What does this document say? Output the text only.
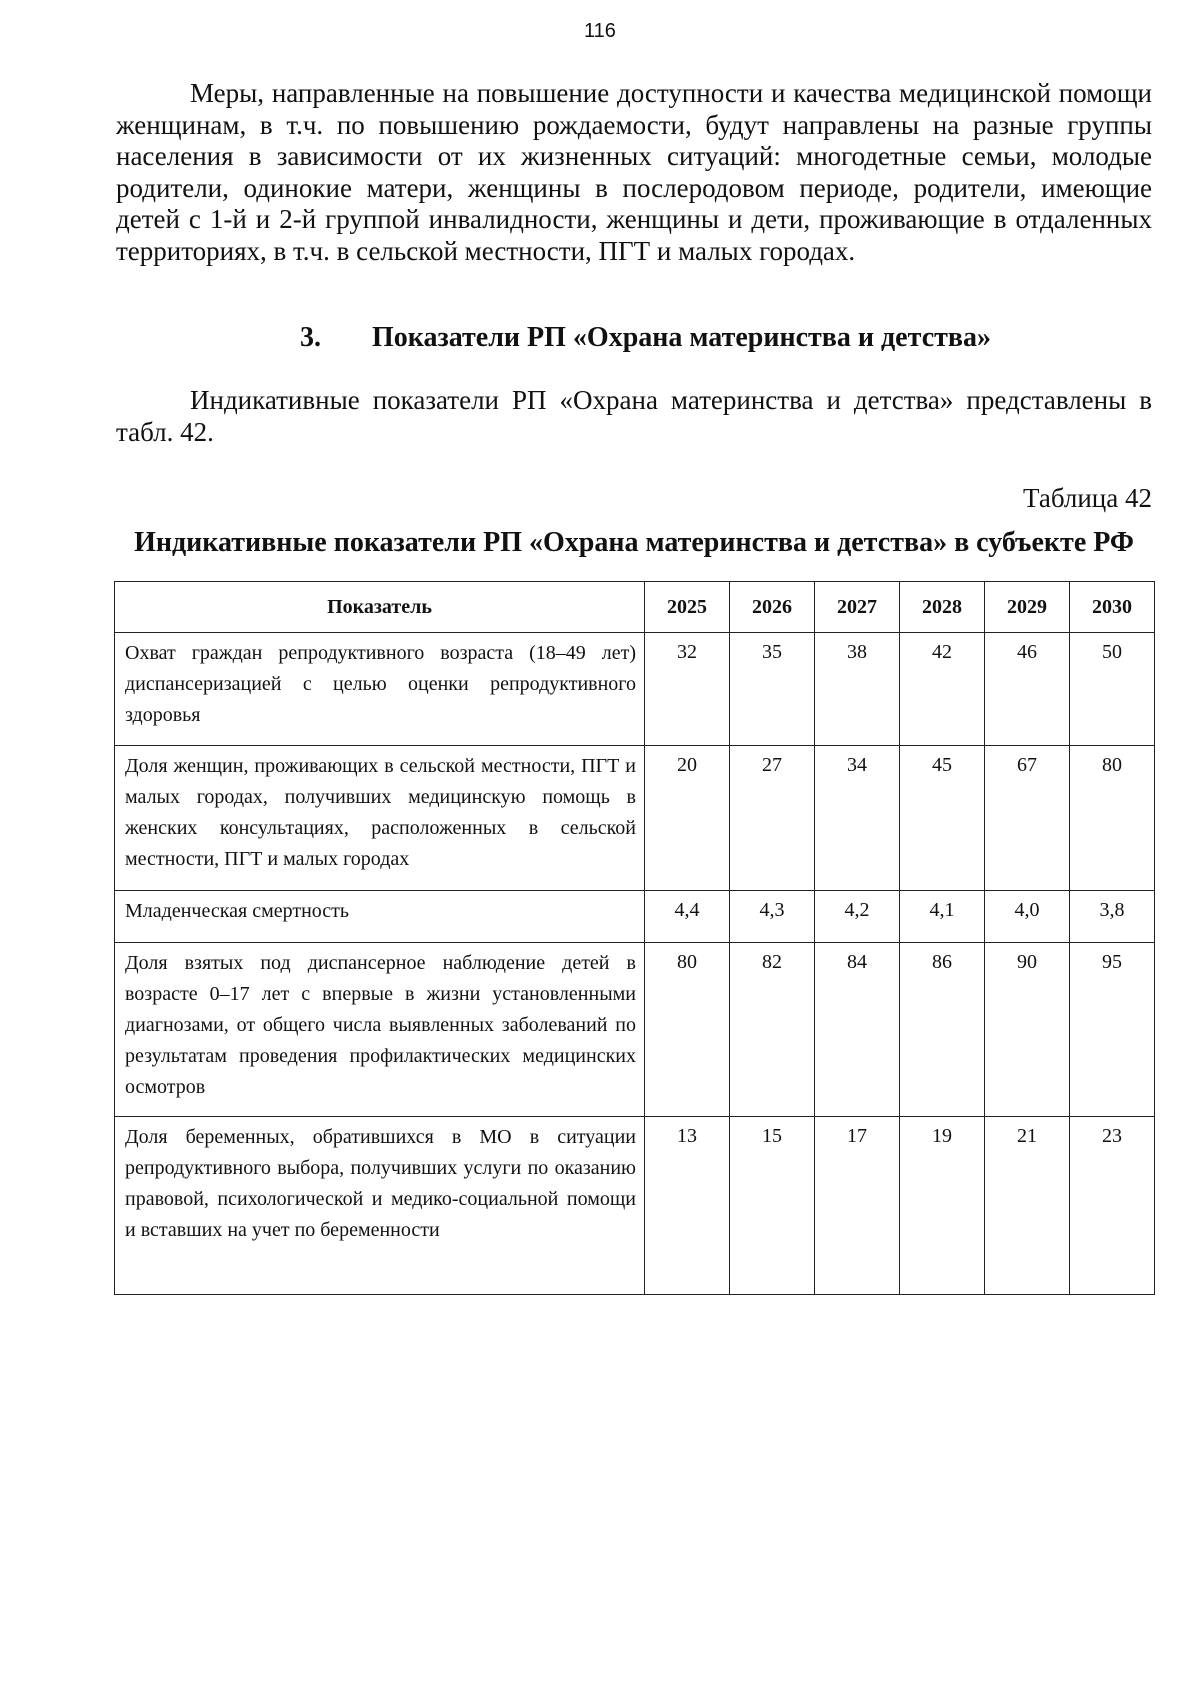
116

Меры, направленные на повышение доступности и качества медицинской помощи женщинам, в т.ч. по повышению рождаемости, будут направлены на разные группы населения в зависимости от их жизненных ситуаций: многодетные семьи, молодые родители, одинокие матери, женщины в послеродовом периоде, родители, имеющие детей с 1-й и 2-й группой инвалидности, женщины и дети, проживающие в отдаленных территориях, в т.ч. в сельской местности, ПГТ и малых городах.

3. Показатели РП «Охрана материнства и детства»

Индикативные показатели РП «Охрана материнства и детства» представлены в табл. 42.

Таблица 42
Индикативные показатели РП «Охрана материнства и детства» в субъекте РФ
Показатель	2025	2026	2027	2028	2029	2030
Охват граждан репродуктивного возраста (18–49 лет) диспансеризацией с целью оценки репродуктивного здоровья	32	35	38	42	46	50
Доля женщин, проживающих в сельской местности, ПГТ и малых городах, получивших медицинскую помощь в женских консультациях, расположенных в сельской местности, ПГТ и малых городах	20	27	34	45	67	80
Младенческая смертность	4,4	4,3	4,2	4,1	4,0	3,8
Доля взятых под диспансерное наблюдение детей в возрасте 0–17 лет с впервые в жизни установленными диагнозами, от общего числа выявленных заболеваний по результатам проведения профилактических медицинских осмотров	80	82	84	86	90	95
Доля беременных, обратившихся в МО в ситуации репродуктивного выбора, получивших услуги по оказанию правовой, психологической и медико-социальной помощи и вставших на учет по беременности	13	15	17	19	21	23
